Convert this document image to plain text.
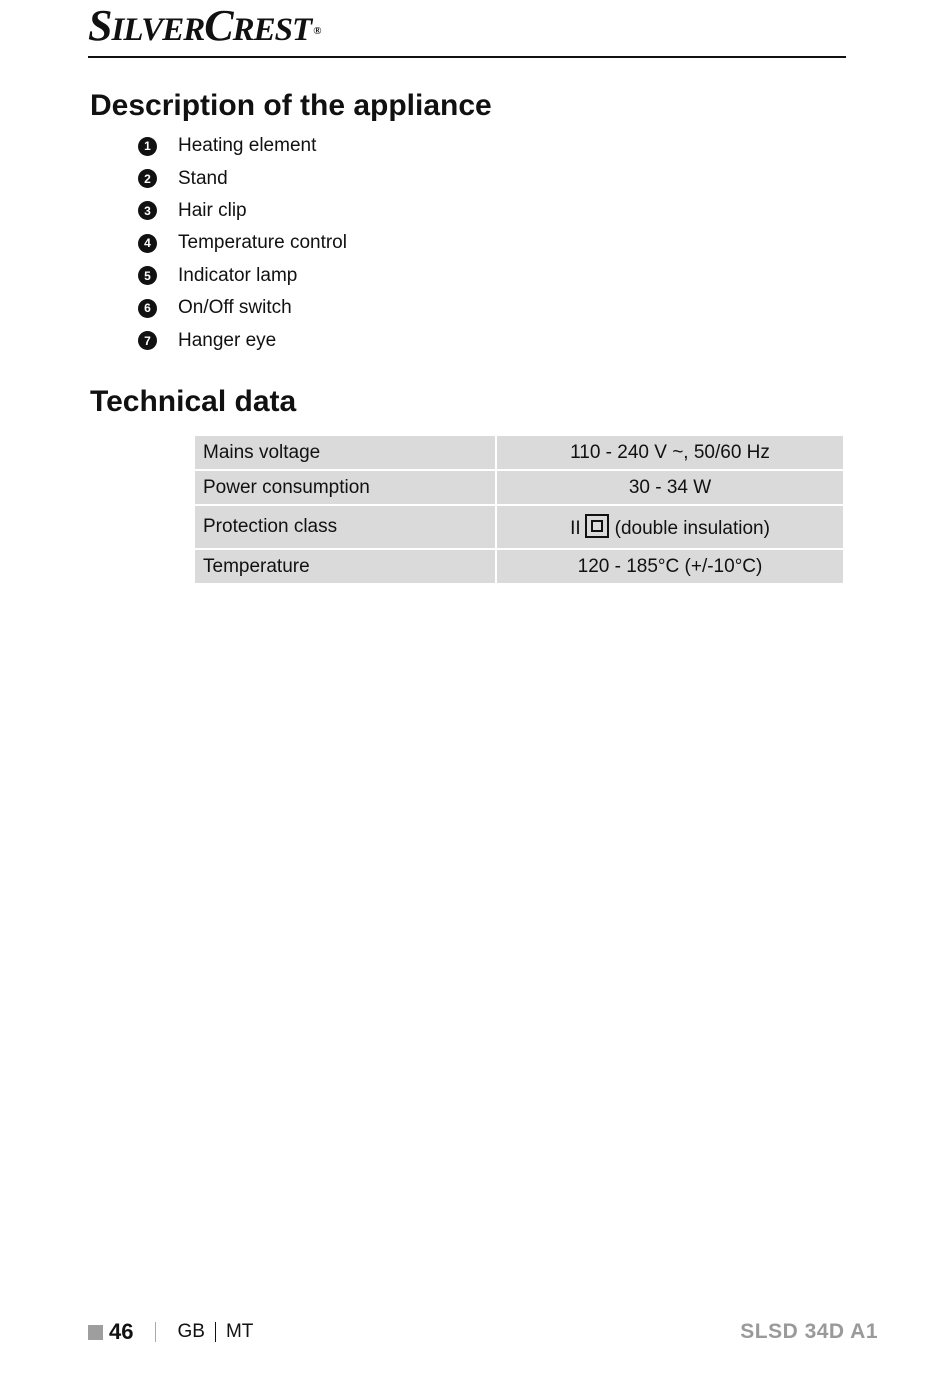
SILVERCREST ®
Description of the appliance
1	Heating element
2	Stand
3	Hair clip
4	Temperature control
5	Indicator lamp
6	On/Off switch
7	Hanger eye
Technical data
Mains voltage	110 - 240 V ~, 50/60 Hz
Power consumption	30 - 34 W
Protection class	II (double insulation)
Temperature	120 - 185°C (+/-10°C)
46 GB MT	SLSD 34D A1
